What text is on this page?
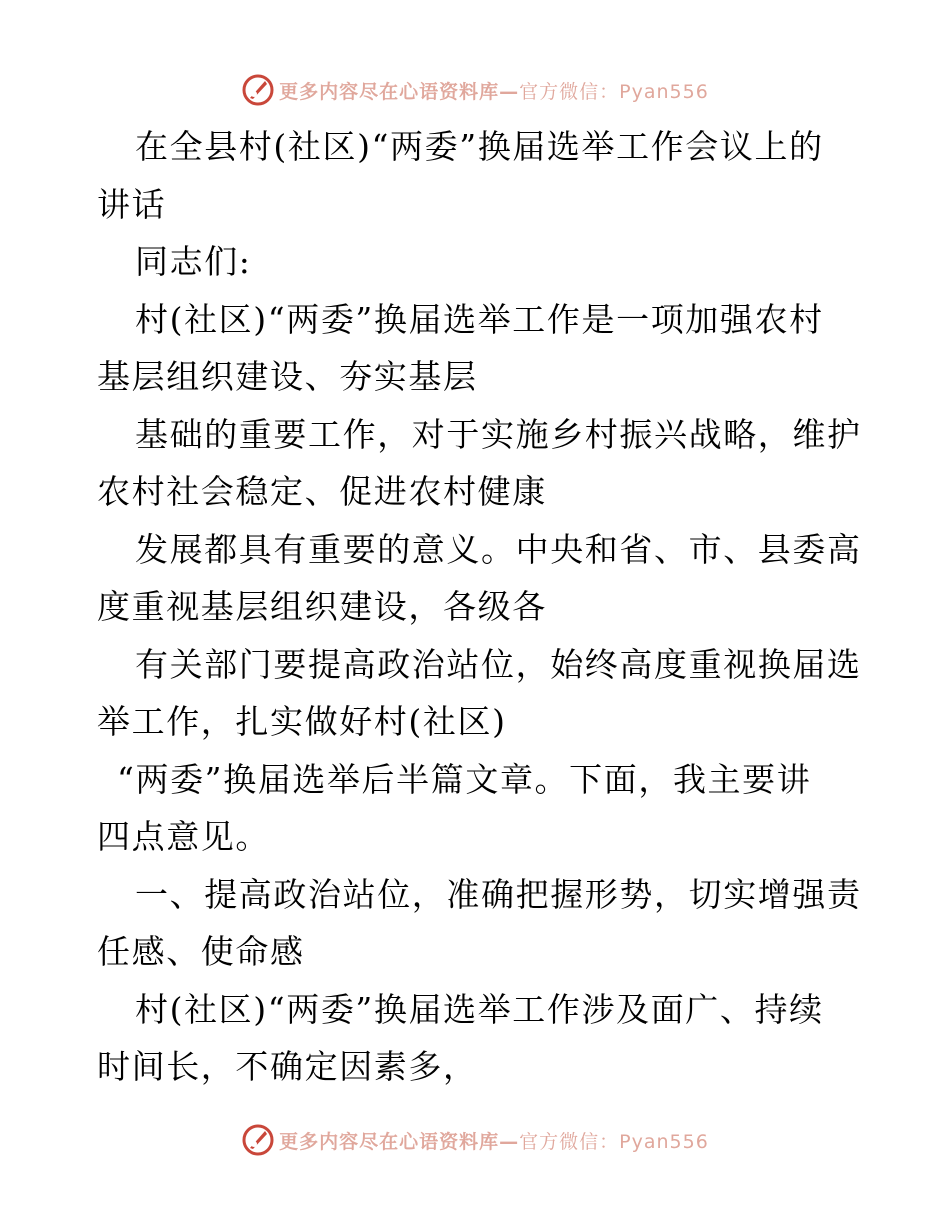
更多内容尽在心语资料库—官方微信：Pyan556
在全县村(社区)“两委”换届选举工作会议上的
讲话
同志们:
村(社区)“两委”换届选举工作是一项加强农村
基层组织建设、夯实基层
基础的重要工作，对于实施乡村振兴战略，维护
农村社会稳定、促进农村健康
发展都具有重要的意义。中央和省、市、县委高
度重视基层组织建设，各级各
有关部门要提高政治站位，始终高度重视换届选
举工作，扎实做好村(社区)
“两委”换届选举后半篇文章。下面，我主要讲
四点意见。
一、提高政治站位，准确把握形势，切实增强责
任感、使命感
村(社区)“两委”换届选举工作涉及面广、持续
时间长，不确定因素多，
更多内容尽在心语资料库—官方微信：Pyan556
